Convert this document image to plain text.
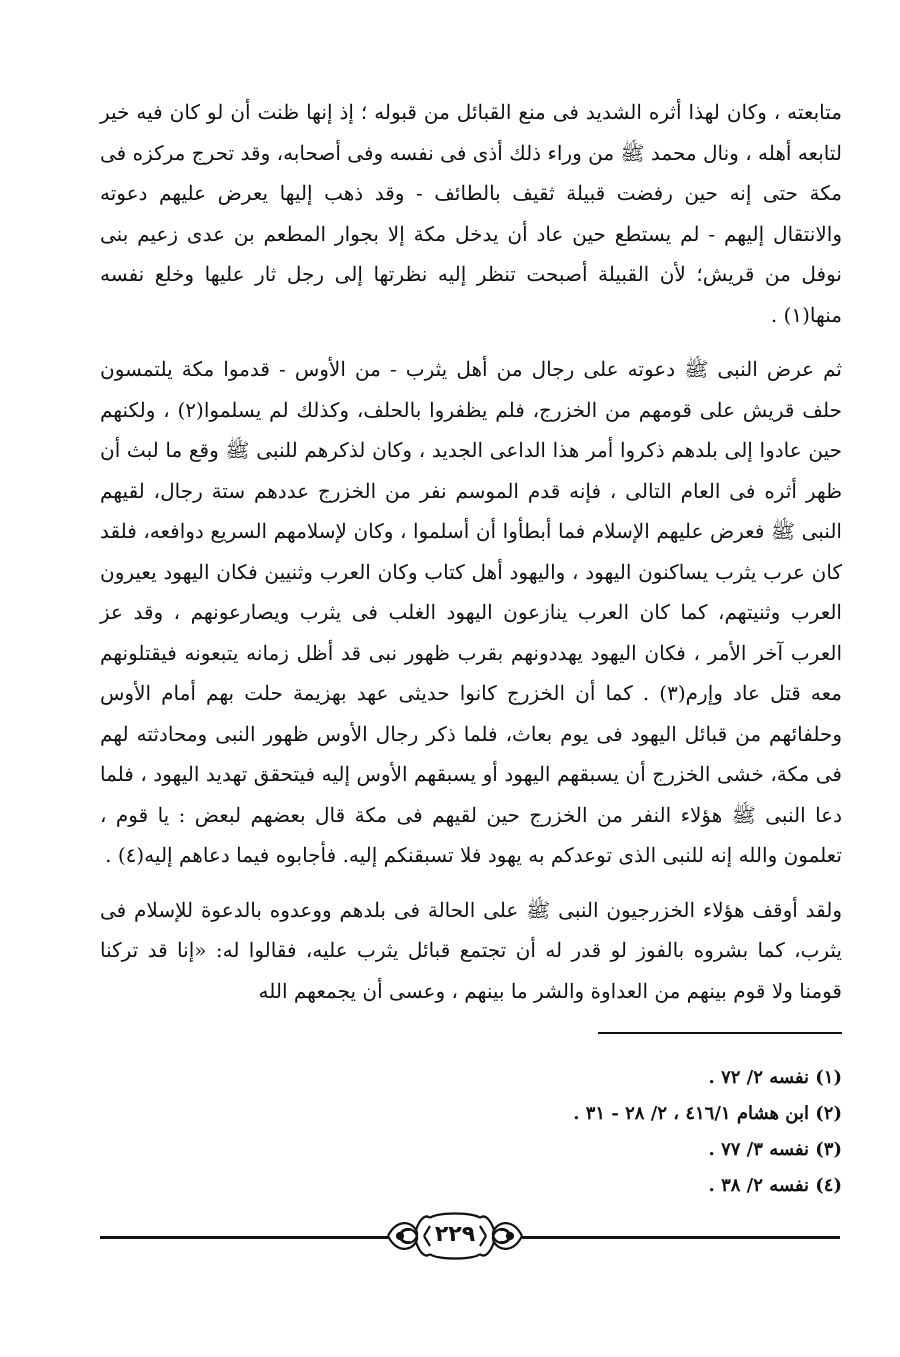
متابعته ، وكان لهذا أثره الشديد فى منع القبائل من قبوله ؛ إذ إنها ظنت أن لو كان فيه خير لتابعه أهله ، ونال محمد ﷺ من وراء ذلك أذى فى نفسه وفى أصحابه، وقد تحرج مركزه فى مكة حتى إنه حين رفضت قبيلة ثقيف بالطائف - وقد ذهب إليها يعرض عليهم دعوته والانتقال إليهم - لم يستطع حين عاد أن يدخل مكة إلا بجوار المطعم بن عدى زعيم بنى نوفل من قريش؛ لأن القبيلة أصبحت تنظر إليه نظرتها إلى رجل ثار عليها وخلع نفسه منها(١) .

ثم عرض النبى ﷺ دعوته على رجال من أهل يثرب - من الأوس - قدموا مكة يلتمسون حلف قريش على قومهم من الخزرج، فلم يظفروا بالحلف، وكذلك لم يسلموا(٢) ، ولكنهم حين عادوا إلى بلدهم ذكروا أمر هذا الداعى الجديد ، وكان لذكرهم للنبى ﷺ وقع ما لبث أن ظهر أثره فى العام التالى ، فإنه قدم الموسم نفر من الخزرج عددهم ستة رجال، لقيهم النبى ﷺ فعرض عليهم الإسلام فما أبطأوا أن أسلموا ، وكان لإسلامهم السريع دوافعه، فلقد كان عرب يثرب يساكنون اليهود ، واليهود أهل كتاب وكان العرب وثنيين فكان اليهود يعيرون العرب وثنيتهم، كما كان العرب ينازعون اليهود الغلب فى يثرب ويصارعونهم ، وقد عز العرب آخر الأمر ، فكان اليهود يهددونهم بقرب ظهور نبى قد أظل زمانه يتبعونه فيقتلونهم معه قتل عاد وإرم(٣) . كما أن الخزرج كانوا حديثى عهد بهزيمة حلت بهم أمام الأوس وحلفائهم من قبائل اليهود فى يوم بعاث، فلما ذكر رجال الأوس ظهور النبى ومحادثته لهم فى مكة، خشى الخزرج أن يسبقهم اليهود أو يسبقهم الأوس إليه فيتحقق تهديد اليهود ، فلما دعا النبى ﷺ هؤلاء النفر من الخزرج حين لقيهم فى مكة قال بعضهم لبعض : يا قوم ، تعلمون والله إنه للنبى الذى توعدكم به يهود فلا تسبقنكم إليه. فأجابوه فيما دعاهم إليه(٤) .

ولقد أوقف هؤلاء الخزرجيون النبى ﷺ على الحالة فى بلدهم ووعدوه بالدعوة للإسلام فى يثرب، كما بشروه بالفوز لو قدر له أن تجتمع قبائل يثرب عليه، فقالوا له: «إنا قد تركنا قومنا ولا قوم بينهم من العداوة والشر ما بينهم ، وعسى أن يجمعهم الله

(١) نفسه ٢/ ٧٢ .

(٢) ابن هشام ٤١٦/١ ، ٢/ ٢٨ - ٣١ .

(٣) نفسه ٣/ ٧٧ .

(٤) نفسه ٢/ ٣٨ .

٢٢٩
